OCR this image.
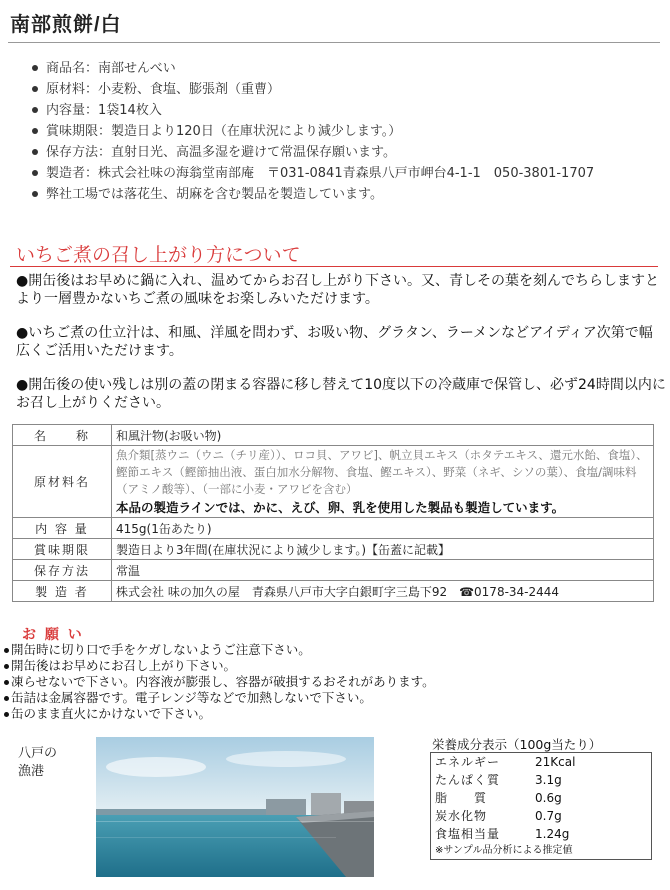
南部煎餅/白
商品名：南部せんべい
原材料：小麦粉、食塩、膨張剤（重曹）
内容量：1袋14枚入
賞味期限：製造日より120日（在庫状況により減少します。）
保存方法：直射日光、高温多湿を避けて常温保存願います。
製造者：株式会社味の海翁堂南部庵　〒031-0841青森県八戸市岬台4-1-1　050-3801-1707
弊社工場では落花生、胡麻を含む製品を製造しています。
いちご煮の召し上がり方について
●開缶後はお早めに鍋に入れ、温めてからお召し上がり下さい。又、青しその葉を刻んでちらしますとより一層豊かないちご煮の風味をお楽しみいただけます。
●いちご煮の仕立汁は、和風、洋風を問わず、お吸い物、グラタン、ラーメンなどアイディア次第で幅広くご活用いただけます。
●開缶後の使い残しは別の蓋の閉まる容器に移し替えて10度以下の冷蔵庫で保管し、必ず24時間以内にお召し上がりください。
名　　称	和風汁物(お吸い物)
原材料名	魚介類[蒸ウニ（ウニ（チリ産））、ロコ貝、アワビ]、帆立貝エキス（ホタテエキス、還元水飴、食塩）、鰹節エキス（鰹節抽出液、蛋白加水分解物、食塩、鰹エキス）、野菜（ネギ、シソの葉）、食塩/調味料（アミノ酸等）、（一部に小麦・アワビを含む）
本品の製造ラインでは、かに、えび、卵、乳を使用した製品も製造しています。

内 容 量	415g(1缶あたり)
賞味期限	製造日より3年間(在庫状況により減少します。)【缶蓋に記載】
保存方法	常温
製 造 者	株式会社 味の加久の屋　青森県八戸市大字白銀町字三島下92　☎0178-34-2444
お 願 い
開缶時に切り口で手をケガしないようご注意下さい。
開缶後はお早めにお召し上がり下さい。
凍らせないで下さい。内容液が膨張し、容器が破損するおそれがあります。
缶詰は金属容器です。電子レンジ等などで加熱しないで下さい。
缶のまま直火にかけないで下さい。
八戸の
漁港
栄養成分表示（100g当たり）
エネルギー	21Kcal
たんぱく質	3.1g
脂　　質	0.6g
炭水化物	0.7g
食塩相当量	1.24g
※サンプル品分析による推定値	
